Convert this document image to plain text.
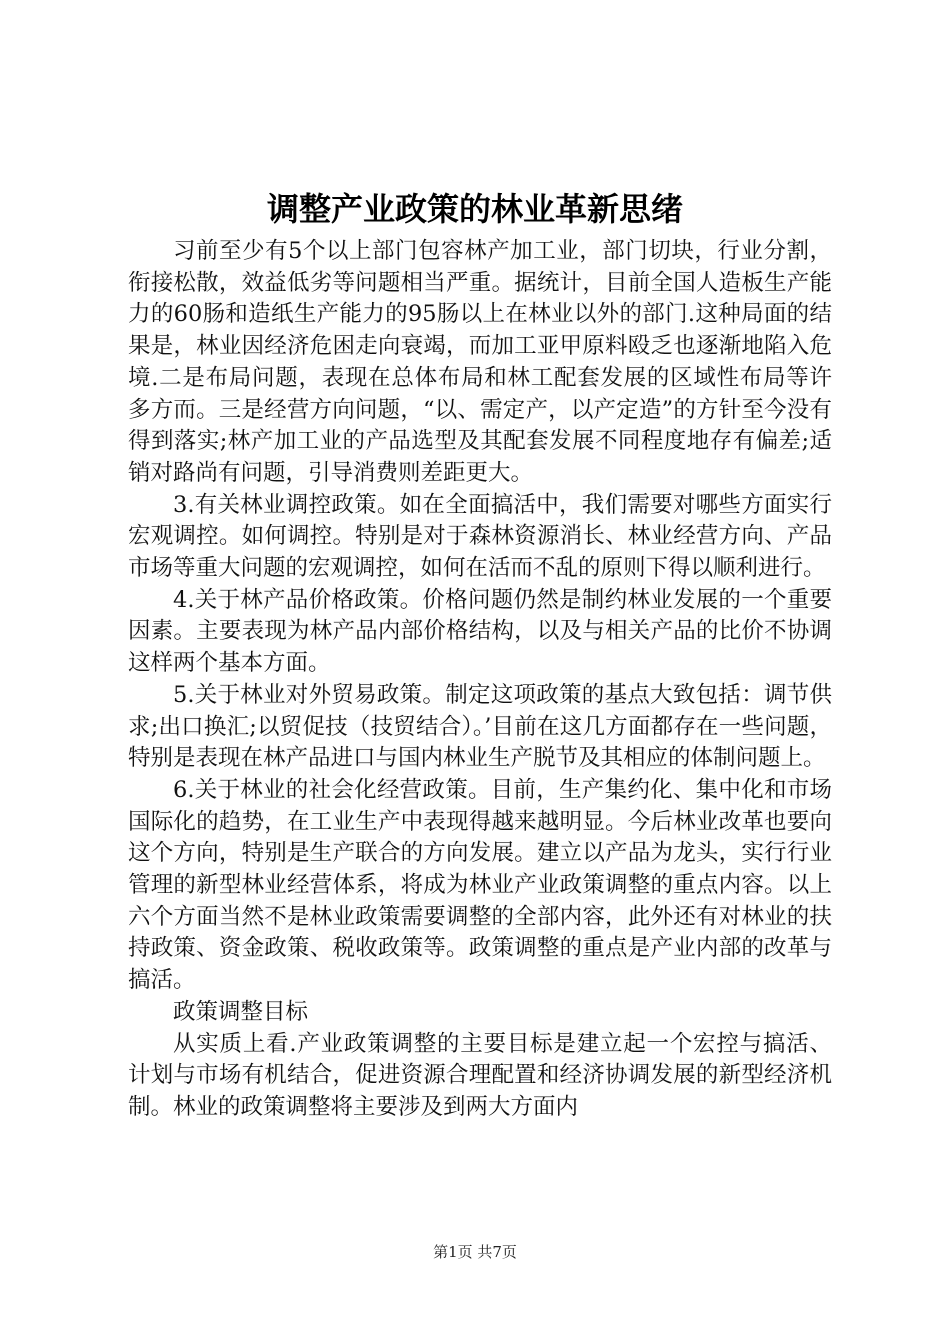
调整产业政策的林业革新思绪

习前至少有5个以上部门包容林产加工业，部门切块，行业分割，衔接松散，效益低劣等问题相当严重。据统计，目前全国人造板生产能力的60肠和造纸生产能力的95肠以上在林业以外的部门.这种局面的结果是，林业因经济危困走向衰竭，而加工亚甲原料殴乏也逐渐地陷入危境.二是布局问题，表现在总体布局和林工配套发展的区域性布局等许多方而。三是经营方向问题，“以、需定产，以产定造”的方针至今没有得到落实;林产加工业的产品选型及其配套发展不同程度地存有偏差;适销对路尚有问题，引导消费则差距更大。

3.有关林业调控政策。如在全面搞活中，我们需要对哪些方面实行宏观调控。如何调控。特别是对于森林资源消长、林业经营方向、产品市场等重大问题的宏观调控，如何在活而不乱的原则下得以顺利进行。

4.关于林产品价格政策。价格问题仍然是制约林业发展的一个重要因素。主要表现为林产品内部价格结构，以及与相关产品的比价不协调这样两个基本方面。

5.关于林业对外贸易政策。制定这项政策的基点大致包括：调节供求;出口换汇;以贸促技（技贸结合）。’目前在这几方面都存在一些问题，特别是表现在林产品进口与国内林业生产脱节及其相应的体制问题上。

6.关于林业的社会化经营政策。目前，生产集约化、集中化和市场国际化的趋势，在工业生产中表现得越来越明显。今后林业改革也要向这个方向，特别是生产联合的方向发展。建立以产品为龙头，实行行业管理的新型林业经营体系，将成为林业产业政策调整的重点内容。以上六个方面当然不是林业政策需要调整的全部内容，此外还有对林业的扶持政策、资金政策、税收政策等。政策调整的重点是产业内部的改革与搞活。

政策调整目标

从实质上看.产业政策调整的主要目标是建立起一个宏控与搞活、计划与市场有机结合，促进资源合理配置和经济协调发展的新型经济机制。林业的政策调整将主要涉及到两大方面内

第1页 共7页
